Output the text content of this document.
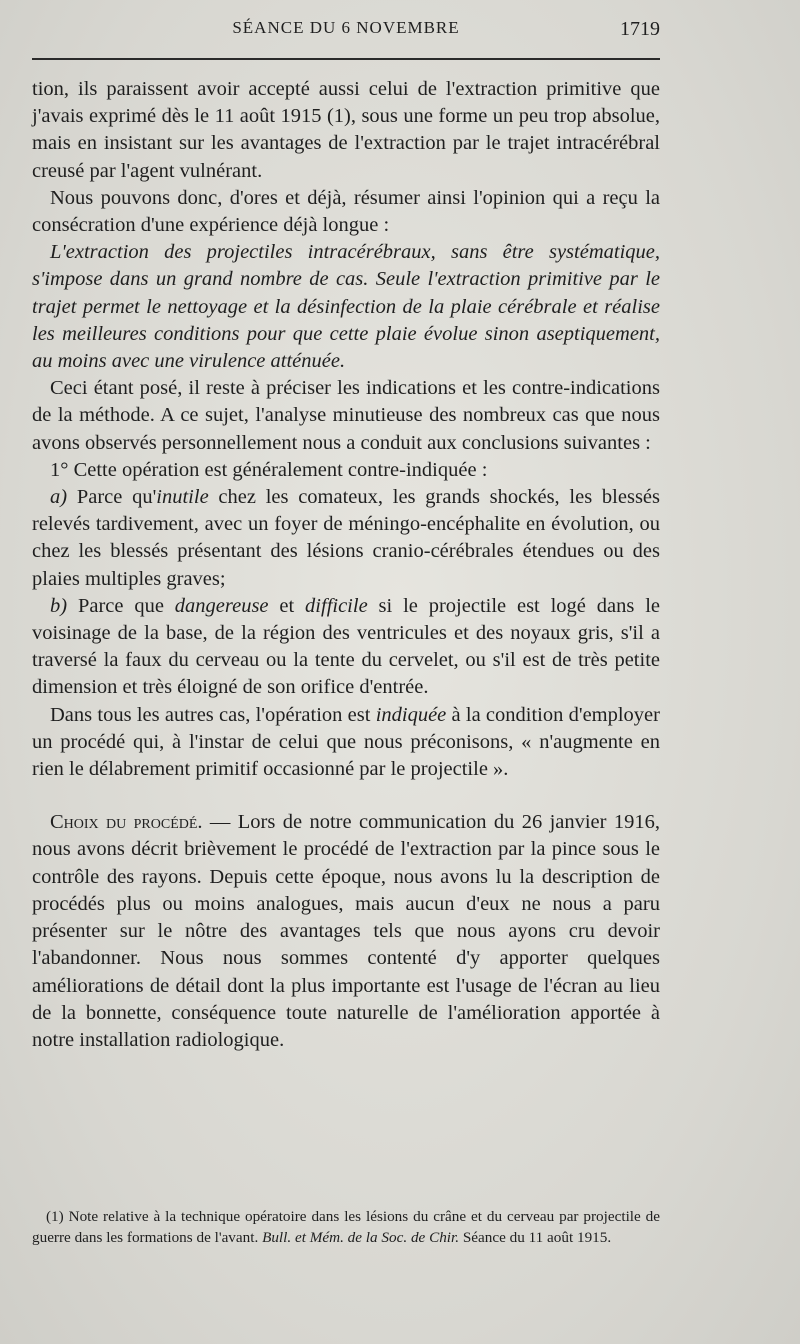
SÉANCE DU 6 NOVEMBRE	1719

tion, ils paraissent avoir accepté aussi celui de l'extraction primitive que j'avais exprimé dès le 11 août 1915 (1), sous une forme un peu trop absolue, mais en insistant sur les avantages de l'extraction par le trajet intracérébral creusé par l'agent vulnérant.

Nous pouvons donc, d'ores et déjà, résumer ainsi l'opinion qui a reçu la consécration d'une expérience déjà longue :

L'extraction des projectiles intracérébraux, sans être systématique, s'impose dans un grand nombre de cas. Seule l'extraction primitive par le trajet permet le nettoyage et la désinfection de la plaie cérébrale et réalise les meilleures conditions pour que cette plaie évolue sinon aseptiquement, au moins avec une virulence atténuée.

Ceci étant posé, il reste à préciser les indications et les contre-indications de la méthode. A ce sujet, l'analyse minutieuse des nombreux cas que nous avons observés personnellement nous a conduit aux conclusions suivantes :

1° Cette opération est généralement contre-indiquée :

a) Parce qu'inutile chez les comateux, les grands shockés, les blessés relevés tardivement, avec un foyer de méningo-encéphalite en évolution, ou chez les blessés présentant des lésions cranio-cérébrales étendues ou des plaies multiples graves;

b) Parce que dangereuse et difficile si le projectile est logé dans le voisinage de la base, de la région des ventricules et des noyaux gris, s'il a traversé la faux du cerveau ou la tente du cervelet, ou s'il est de très petite dimension et très éloigné de son orifice d'entrée.

Dans tous les autres cas, l'opération est indiquée à la condition d'employer un procédé qui, à l'instar de celui que nous préconisons, « n'augmente en rien le délabrement primitif occasionné par le projectile ».

Choix du procédé. — Lors de notre communication du 26 janvier 1916, nous avons décrit brièvement le procédé de l'extraction par la pince sous le contrôle des rayons. Depuis cette époque, nous avons lu la description de procédés plus ou moins analogues, mais aucun d'eux ne nous a paru présenter sur le nôtre des avantages tels que nous ayons cru devoir l'abandonner. Nous nous sommes contenté d'y apporter quelques améliorations de détail dont la plus importante est l'usage de l'écran au lieu de la bonnette, conséquence toute naturelle de l'amélioration apportée à notre installation radiologique.

(1) Note relative à la technique opératoire dans les lésions du crâne et du cerveau par projectile de guerre dans les formations de l'avant. Bull. et Mém. de la Soc. de Chir. Séance du 11 août 1915.
